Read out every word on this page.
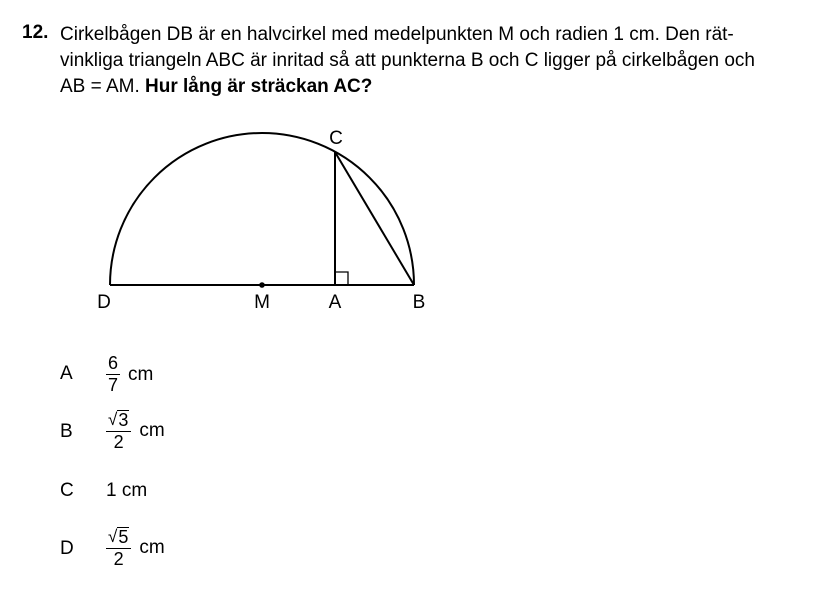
12. Cirkelbågen DB är en halvcirkel med medelpunkten M och radien 1 cm. Den rät-
vinkliga triangeln ABC är inritad så att punkterna B och C ligger på cirkelbågen och
AB = AM. Hur lång är sträckan AC?
C
D	M	A	B
A $\frac{6}{7}$ cm
B $\frac{√ 3}{2}$ cm
C 1 cm
D $\frac{√ 5}{2}$ cm
